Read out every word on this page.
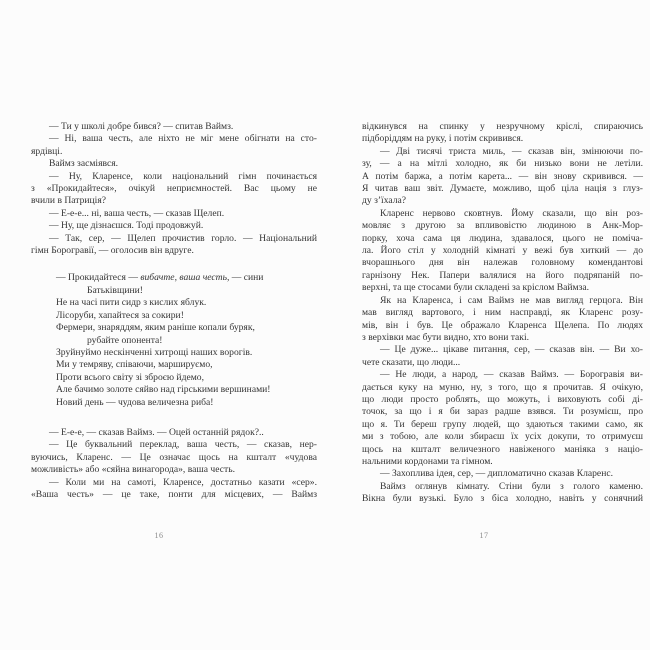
— Ти у школі добре бився? — спитав Ваймз.
— Ні, ваша честь, але ніхто не міг мене обігнати на сто-
ярдівці.
Ваймз засміявся.
— Ну, Кларенсе, коли національний гімн починається
з «Прокидайтеся», очікуй неприємностей. Вас цьому не
вчили в Патриція?
— Е-е-е... ні, ваша честь, — сказав Щелеп.
— Ну, ще дізнаєшся. Тоді продовжуй.
— Так, сер, — Щелеп прочистив горло. — Національний
гімн Борогравії, — оголосив він вдруге.
— Прокидайтеся — вибачте, ваша честь, — сини
Батьківщини!
Не на часі пити сидр з кислих яблук.
Лісоруби, хапайтеся за сокири!
Фермери, знаряддям, яким раніше копали буряк,
рубайте опонента!
Зруйнуймо нескінченні хитрощі наших ворогів.
Ми у темряву, співаючи, маршируємо,
Проти всього світу зі зброєю йдемо,
Але бачимо золоте сяйво над гірськими вершинами!
Новий день — чудова величезна риба!
— Е-е-е, — сказав Ваймз. — Оцей останній рядок?..
— Це буквальний переклад, ваша честь, — сказав, нер-
вуючись, Кларенс. — Це означає щось на кшталт «чудова
можливість» або «сяйна винагорода», ваша честь.
— Коли ми на самоті, Кларенсе, достатньо казати «сер».
«Ваша честь» — це таке, понти для місцевих, — Ваймз
16
відкинувся на спинку у незручному кріслі, спираючись
підборіддям на руку, і потім скривився.
— Дві тисячі триста миль, — сказав він, змінюючи по-
зу, — а на мітлі холодно, як би низько вони не летіли.
А потім баржа, а потім карета... — він знову скривився. —
Я читав ваш звіт. Думаєте, можливо, щоб ціла нація з глуз-
ду з’їхала?
Кларенс нервово сковтнув. Йому сказали, що він роз-
мовляє з другою за впливовістю людиною в Анк-Мор-
порку, хоча сама ця людина, здавалося, цього не поміча-
ла. Його стіл у холодній кімнаті у вежі був хиткий — до
вчорашнього дня він належав головному комендантові
гарнізону Нек. Папери валялися на його подряпаній по-
верхні, та ще стосами були складені за кріслом Ваймза.
Як на Кларенса, і сам Ваймз не мав вигляд герцога. Він
мав вигляд вартового, і ним насправді, як Кларенс розу-
мів, він і був. Це ображало Кларенса Щелепа. По людях
з верхівки має бути видно, хто вони такі.
— Це дуже... цікаве питання, сер, — сказав він. — Ви хо-
чете сказати, що люди...
— Не люди, а народ, — сказав Ваймз. — Борогравія ви-
дається куку на муню, ну, з того, що я прочитав. Я очікую,
що люди просто роблять, що можуть, і виховують собі ді-
точок, за що і я би зараз радше взявся. Ти розумієш, про
що я. Ти береш групу людей, що здаються такими само, як
ми з тобою, але коли збираєш їх усіх докупи, то отримуєш
щось на кшталт величезного навіженого маніяка з націо-
нальними кордонами та гімном.
— Захоплива ідея, сер, — дипломатично сказав Кларенс.
Ваймз оглянув кімнату. Стіни були з голого каменю.
Вікна були вузькі. Було з біса холодно, навіть у сонячний
17
